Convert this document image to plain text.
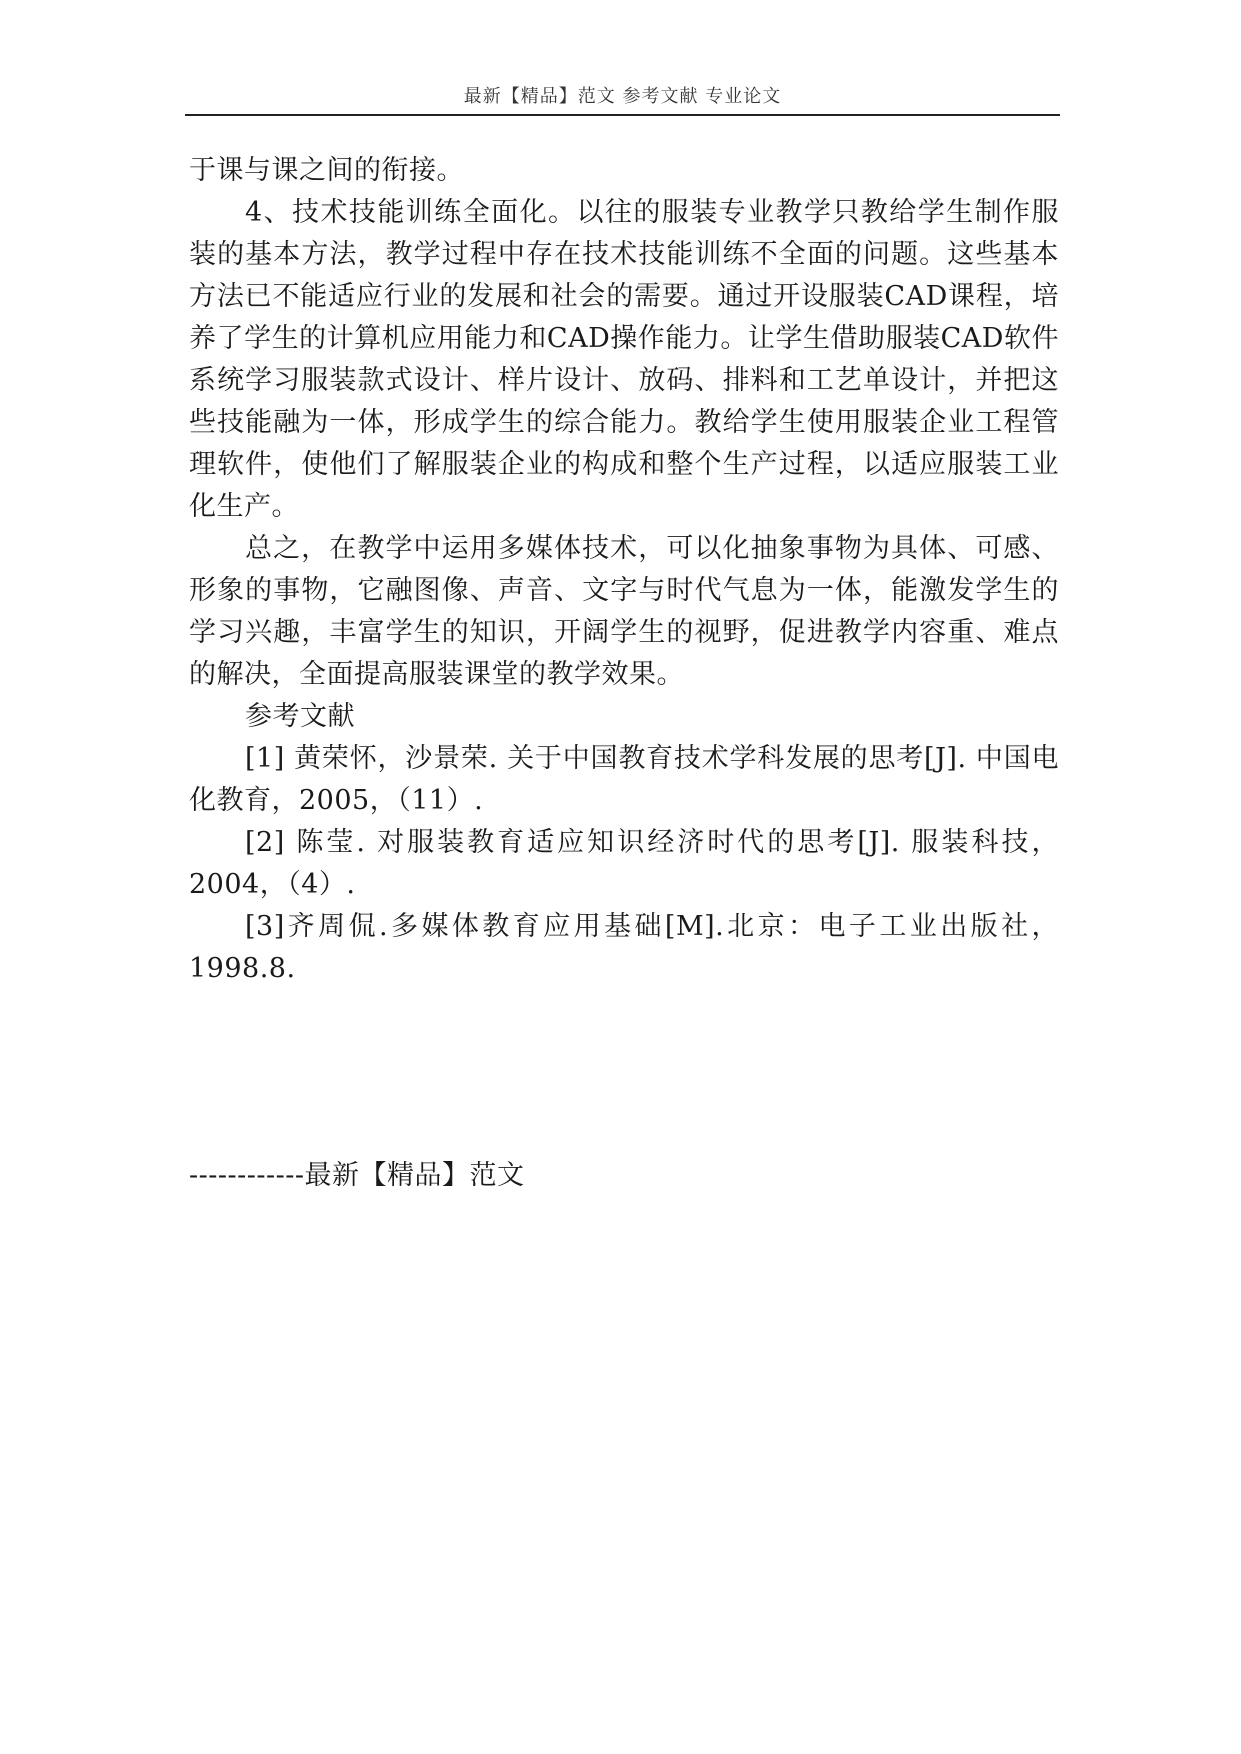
最新【精品】范文 参考文献 专业论文

于课与课之间的衔接。

4、技术技能训练全面化。以往的服装专业教学只教给学生制作服装的基本方法，教学过程中存在技术技能训练不全面的问题。这些基本方法已不能适应行业的发展和社会的需要。通过开设服装CAD课程，培养了学生的计算机应用能力和CAD操作能力。让学生借助服装CAD软件系统学习服装款式设计、样片设计、放码、排料和工艺单设计，并把这些技能融为一体，形成学生的综合能力。教给学生使用服装企业工程管理软件，使他们了解服装企业的构成和整个生产过程，以适应服装工业化生产。

总之，在教学中运用多媒体技术，可以化抽象事物为具体、可感、形象的事物，它融图像、声音、文字与时代气息为一体，能激发学生的学习兴趣，丰富学生的知识，开阔学生的视野，促进教学内容重、难点的解决，全面提高服装课堂的教学效果。

参考文献

[1] 黄荣怀，沙景荣. 关于中国教育技术学科发展的思考[J]. 中国电化教育，2005，（11）.

[2] 陈莹. 对服装教育适应知识经济时代的思考[J]. 服装科技，2004，（4）.

[3]齐周侃.多媒体教育应用基础[M].北京：电子工业出版社，1998.8.

------------最新【精品】范文
